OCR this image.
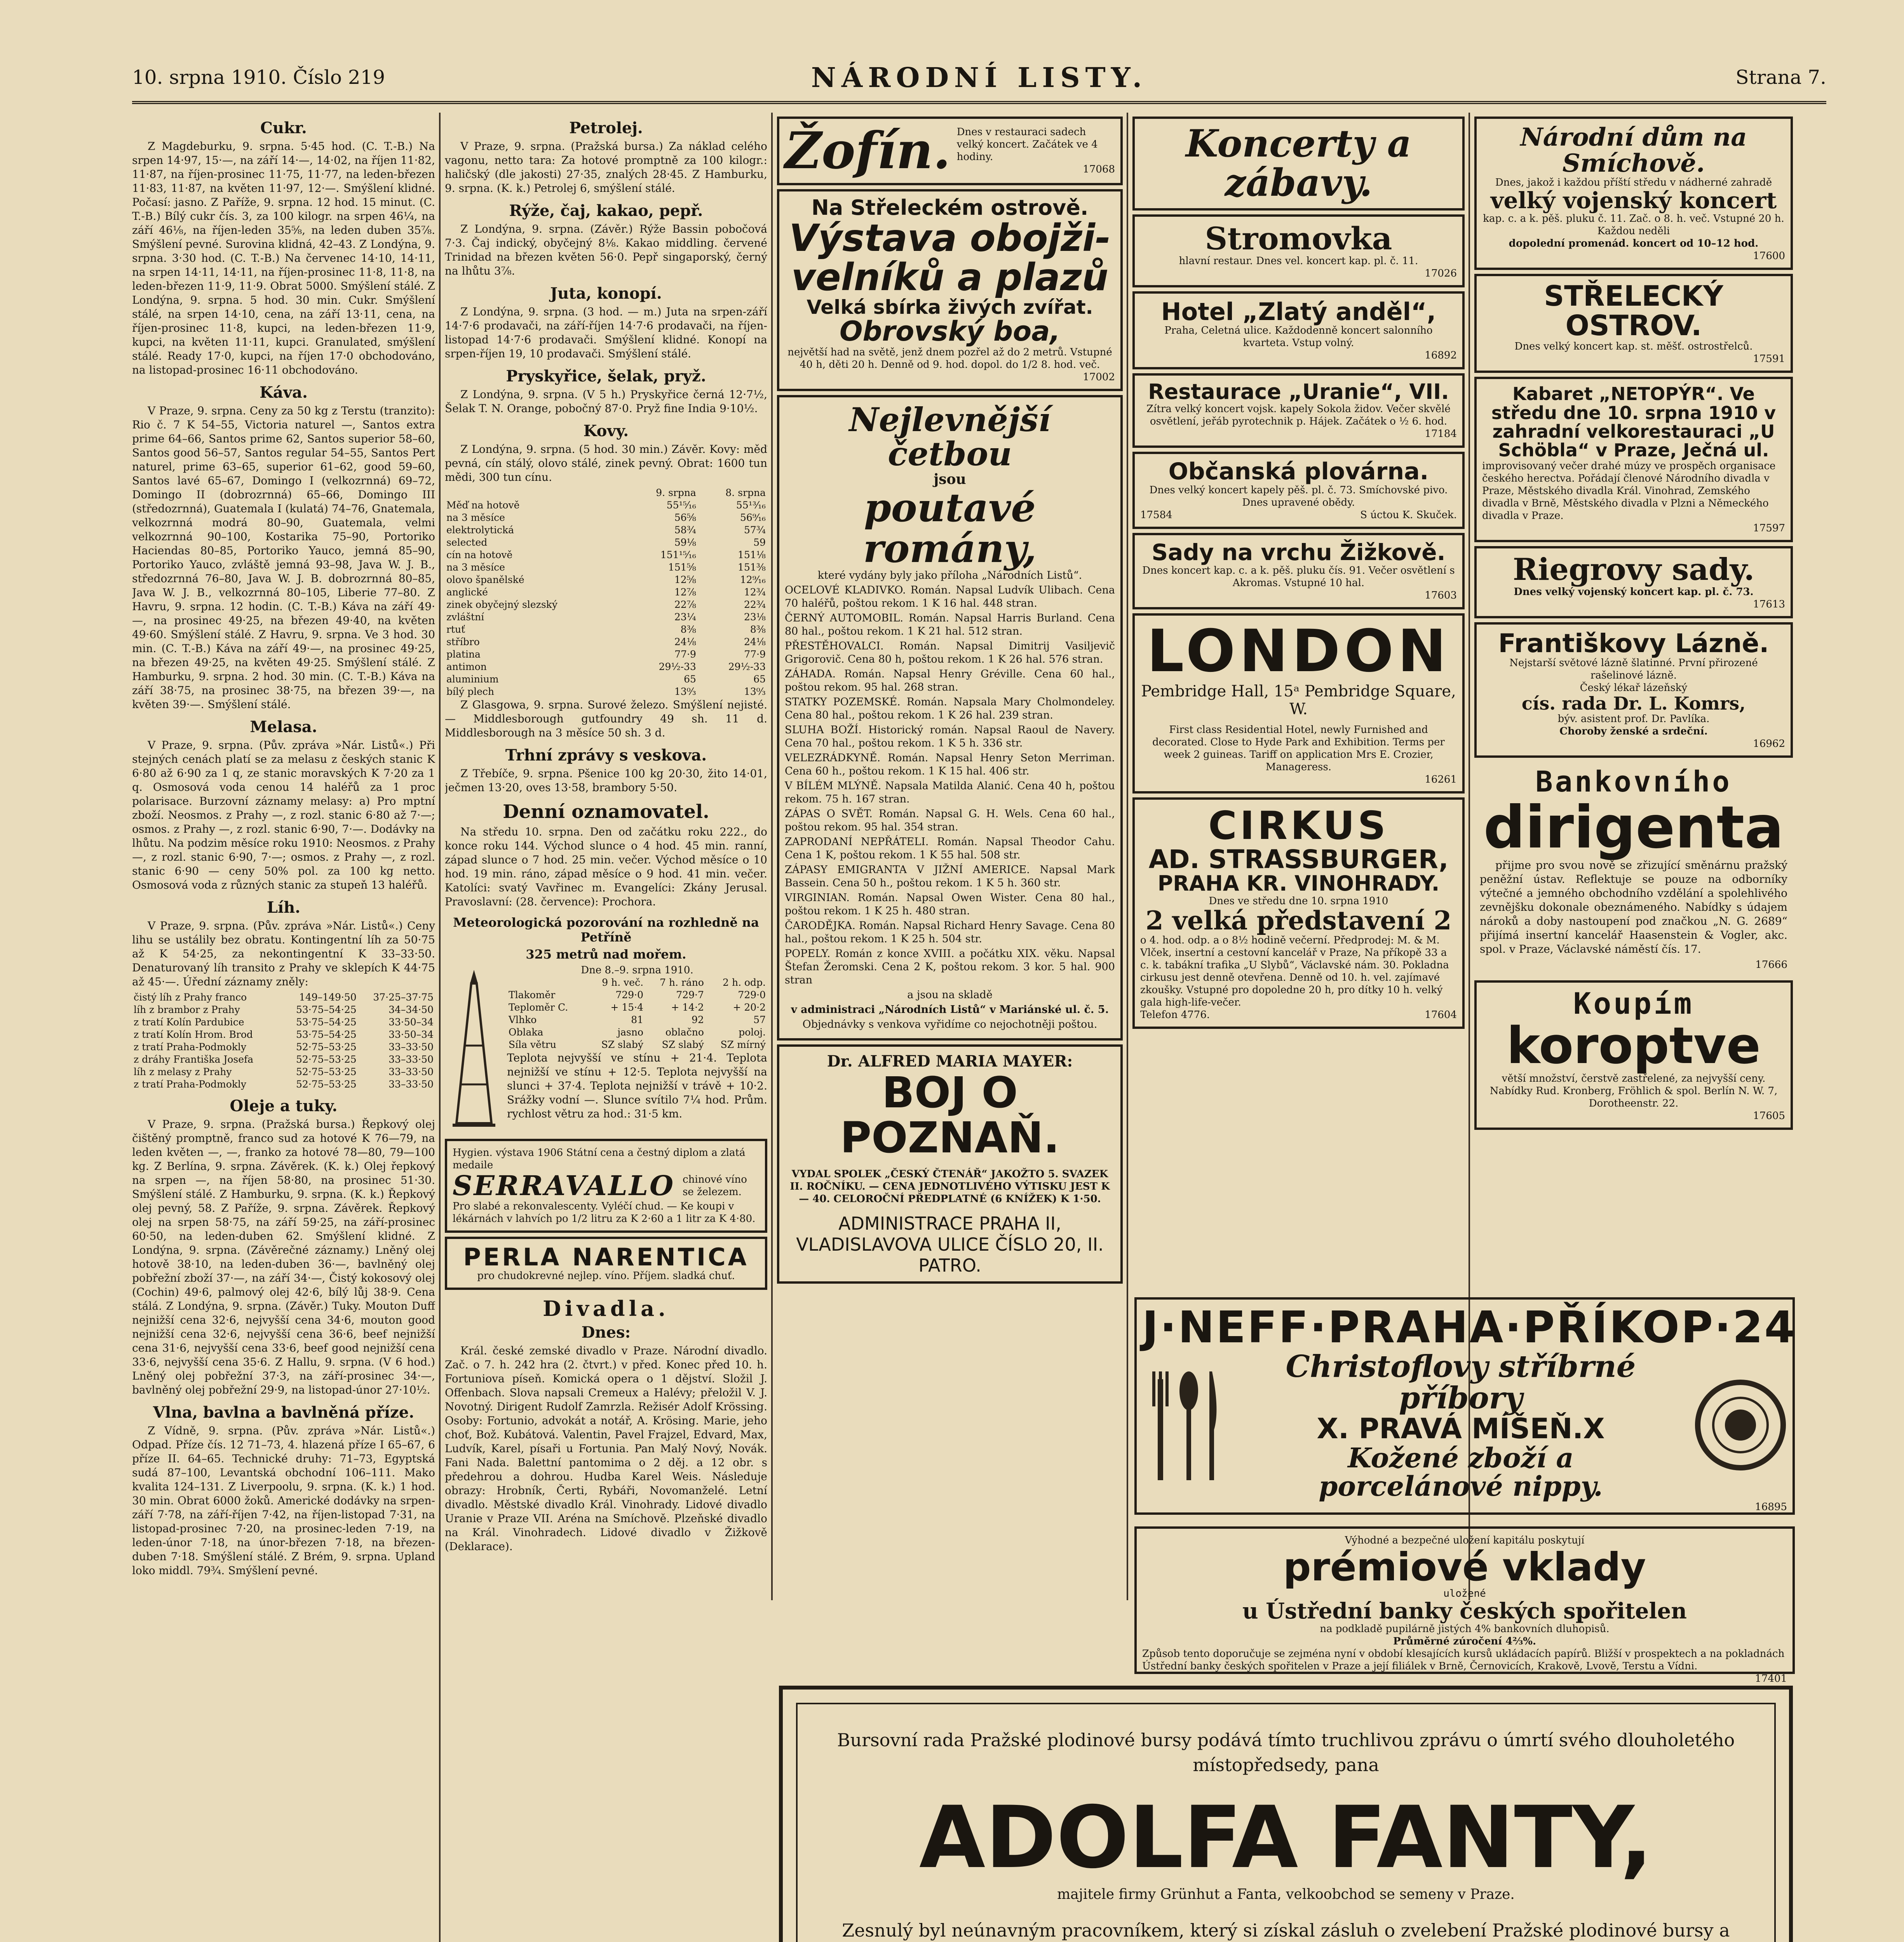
10. srpna 1910. Číslo 219	NÁRODNÍ LISTY.	Strana 7.
Cukr.

Z Magdeburku, 9. srpna. 5·45 hod. (C. T.-B.) Na srpen 14·97, 15·—, na září 14·—, 14·02, na říjen 11·82, 11·87, na říjen-prosinec 11·75, 11·77, na leden-březen 11·83, 11·87, na květen 11·97, 12·—. Smýšlení klidné. Počasí: jasno. Z Paříže, 9. srpna. 12 hod. 15 minut. (C. T.-B.) Bílý cukr čís. 3, za 100 kilogr. na srpen 46¼, na září 46⅛, na říjen-leden 35⅝, na leden duben 35⅞. Smýšlení pevné. Surovina klidná, 42–43. Z Londýna, 9. srpna. 3·30 hod. (C. T.-B.) Na červenec 14·10, 14·11, na srpen 14·11, 14·11, na říjen-prosinec 11·8, 11·8, na leden-březen 11·9, 11·9. Obrat 5000. Smýšlení stálé. Z Londýna, 9. srpna. 5 hod. 30 min. Cukr. Smýšlení stálé, na srpen 14·10, cena, na září 13·11, cena, na říjen-prosinec 11·8, kupci, na leden-březen 11·9, kupci, na květen 11·11, kupci. Granulated, smýšlení stálé. Ready 17·0, kupci, na říjen 17·0 obchodováno, na listopad-prosinec 16·11 obchodováno.

Káva.

V Praze, 9. srpna. Ceny za 50 kg z Terstu (tranzito): Rio č. 7 K 54–55, Victoria naturel —, Santos extra prime 64–66, Santos prime 62, Santos superior 58–60, Santos good 56–57, Santos regular 54–55, Santos Pert naturel, prime 63–65, superior 61–62, good 59–60, Santos lavé 65–67, Domingo I (velkozrnná) 69–72, Domingo II (dobrozrnná) 65–66, Domingo III (středozrnná), Guatemala I (kulatá) 74–76, Gnatemala, velkozrnná modrá 80–90, Guatemala, velmi velkozrnná 90–100, Kostarika 75–90, Portoriko Haciendas 80–85, Portoriko Yauco, jemná 85–90, Portoriko Yauco, zvláště jemná 93–98, Java W. J. B., středozrnná 76–80, Java W. J. B. dobrozrnná 80–85, Java W. J. B., velkozrnná 80–105, Liberie 77–80. Z Havru, 9. srpna. 12 hodin. (C. T.-B.) Káva na září 49·—, na prosinec 49·25, na březen 49·40, na květen 49·60. Smýšlení stálé. Z Havru, 9. srpna. Ve 3 hod. 30 min. (C. T.-B.) Káva na září 49·—, na prosinec 49·25, na březen 49·25, na květen 49·25. Smýšlení stálé. Z Hamburku, 9. srpna. 2 hod. 30 min. (C. T.-B.) Káva na září 38·75, na prosinec 38·75, na březen 39·—, na květen 39·—. Smýšlení stálé.

Melasa.

V Praze, 9. srpna. (Pův. zpráva »Nár. Listů«.) Při stejných cenách platí se za melasu z českých stanic K 6·80 až 6·90 za 1 q, ze stanic moravských K 7·20 za 1 q. Osmosová voda cenou 14 haléřů za 1 proc polarisace. Burzovní záznamy melasy: a) Pro mptní zboží. Neosmos. z Prahy —, z rozl. stanic 6·80 až 7·—; osmos. z Prahy —, z rozl. stanic 6·90, 7·—. Dodávky na lhůtu. Na podzim měsíce roku 1910: Neosmos. z Prahy —, z rozl. stanic 6·90, 7·—; osmos. z Prahy —, z rozl. stanic 6·90 — ceny 50% pol. za 100 kg netto. Osmosová voda z různých stanic za stupeň 13 haléřů.

Líh.

V Praze, 9. srpna. (Pův. zpráva »Nár. Listů«.) Ceny lihu se ustálily bez obratu. Kontingentní líh za 50·75 až K 54·25, za nekontingentní K 33–33·50. Denaturovaný líh transito z Prahy ve sklepích K 44·75 až 45·—. Úřední záznamy zněly:

čistý líh z Prahy franco	149–149·50	37·25–37·75
líh z brambor z Prahy	53·75–54·25	34–34·50
z tratí Kolín Pardubice	53·75–54·25	33·50–34
z tratí Kolín Hrom. Brod	53·75–54·25	33·50–34
z tratí Praha-Podmokly	52·75–53·25	33–33·50
z dráhy Františka Josefa	52·75–53·25	33–33·50
líh z melasy z Prahy	52·75–53·25	33–33·50
z tratí Praha-Podmokly	52·75–53·25	33–33·50
Oleje a tuky.

V Praze, 9. srpna. (Pražská bursa.) Řepkový olej čištěný promptně, franco sud za hotové K 76—79, na leden květen —, —, franko za hotové 78—80, 79—100 kg. Z Berlína, 9. srpna. Závěrek. (K. k.) Olej řepkový na srpen —, na říjen 58·80, na prosinec 51·30. Smýšlení stálé. Z Hamburku, 9. srpna. (K. k.) Řepkový olej pevný, 58. Z Paříže, 9. srpna. Závěrek. Řepkový olej na srpen 58·75, na září 59·25, na září-prosinec 60·50, na leden-duben 62. Smýšlení klidné. Z Londýna, 9. srpna. (Závěrečné záznamy.) Lněný olej hotově 38·10, na leden-duben 36·—, bavlněný olej pobřežní zboží 37·—, na září 34·—, Čistý kokosový olej (Cochin) 49·6, palmový olej 42·6, bílý lůj 38·9. Cena stálá. Z Londýna, 9. srpna. (Závěr.) Tuky. Mouton Duff nejnižší cena 32·6, nejvyšší cena 34·6, mouton good nejnižší cena 32·6, nejvyšší cena 36·6, beef nejnižší cena 31·6, nejvyšší cena 33·6, beef good nejnižší cena 33·6, nejvyšší cena 35·6. Z Hallu, 9. srpna. (V 6 hod.) Lněný olej pobřežní 37·3, na září-prosinec 34·—, bavlněný olej pobřežní 29·9, na listopad-únor 27·10½.

Vlna, bavlna a bavlněná příze.

Z Vídně, 9. srpna. (Pův. zpráva »Nár. Listů«.) Odpad. Příze čís. 12 71–73, 4. hlazená příze I 65–67, 6 příze II. 64–65. Technické druhy: 71–73, Egyptská sudá 87–100, Levantská obchodní 106–111. Mako kvalita 124–131. Z Liverpoolu, 9. srpna. (K. k.) 1 hod. 30 min. Obrat 6000 žoků. Americké dodávky na srpen-září 7·78, na září-říjen 7·42, na říjen-listopad 7·31, na listopad-prosinec 7·20, na prosinec-leden 7·19, na leden-únor 7·18, na únor-březen 7·18, na březen-duben 7·18. Smýšlení stálé. Z Brém, 9. srpna. Upland loko middl. 79¾. Smýšlení pevné.

Petrolej.

V Praze, 9. srpna. (Pražská bursa.) Za náklad celého vagonu, netto tara: Za hotové promptně za 100 kilogr.: haličský (dle jakosti) 27·35, znalých 28·45. Z Hamburku, 9. srpna. (K. k.) Petrolej 6, smýšlení stálé.

Rýže, čaj, kakao, pepř.

Z Londýna, 9. srpna. (Závěr.) Rýže Bassin pobočová 7·3. Čaj indický, obyčejný 8⅛. Kakao middling. červené Trinidad na březen květen 56·0. Pepř singaporský, černý na lhůtu 3⅞.

Juta, konopí.

Z Londýna, 9. srpna. (3 hod. — m.) Juta na srpen-září 14·7·6 prodavači, na září-říjen 14·7·6 prodavači, na říjen-listopad 14·7·6 prodavači. Smýšlení klidné. Konopí na srpen-říjen 19, 10 prodavači. Smýšlení stálé.

Pryskyřice, šelak, pryž.

Z Londýna, 9. srpna. (V 5 h.) Pryskyřice černá 12·7½, Šelak T. N. Orange, pobočný 87·0. Pryž fine India 9·10½.

Kovy.

Z Londýna, 9. srpna. (5 hod. 30 min.) Závěr. Kovy: měď pevná, cín stálý, olovo stálé, zinek pevný. Obrat: 1600 tun mědi, 300 tun cínu.

	9. srpna	8. srpna
Měď na hotově	55¹⁵⁄₁₆	55¹³⁄₁₆
na 3 měsíce	56⅝	56⁹⁄₁₆
elektrolytická	58¾	57¾
selected	59⅛	59
cín na hotově	151¹⁵⁄₁₆	151⅛
na 3 měsíce	151⅝	151⅜
olovo španělské	12⅝	12⁹⁄₁₆
anglické	12⅞	12¾
zinek obyčejný slezský	22⅞	22¾
zvláštní	23¼	23⅛
rtuť	8⅜	8⅜
stříbro	24⅛	24⅛
platina	77·9	77·9
antimon	29½-33	29½-33
aluminium	65	65
bílý plech	13⁰⁄₃	13⁰⁄₃

Z Glasgowa, 9. srpna. Surové železo. Smýšlení nejisté. — Middlesborough gutfoundry 49 sh. 11 d. Middlesborough na 3 měsíce 50 sh. 3 d.

Trhní zprávy s veskova.

Z Třebíče, 9. srpna. Pšenice 100 kg 20·30, žito 14·01, ječmen 13·20, oves 13·58, brambory 5·50.

Denní oznamovatel.

Na středu 10. srpna. Den od začátku roku 222., do konce roku 144. Východ slunce o 4 hod. 45 min. ranní, západ slunce o 7 hod. 25 min. večer. Východ měsíce o 10 hod. 19 min. ráno, západ měsíce o 9 hod. 41 min. večer. Katolíci: svatý Vavřinec m. Evangelíci: Zkány Jerusal. Pravoslavní: (28. července): Prochora.

Meteorologická pozorování na rozhledně na Petříně
325 metrů nad mořem.
Dne 8.–9. srpna 1910.
	9 h. več.	7 h. ráno	2 h. odp.
Tlakoměr	729·0	729·7	729·0
Teploměr C.	+ 15·4	+ 14·2	+ 20·2
Vlhko	81	92	57
Oblaka	jasno	oblačno	poloj.
Síla větru	SZ slabý	SZ slabý	SZ mírný

Teplota nejvyšší ve stínu + 21·4. Teplota nejnižší ve stínu + 12·5. Teplota nejvyšší na slunci + 37·4. Teplota nejnižší v trávě + 10·2. Srážky vodní —. Slunce svítilo 7¼ hod. Prům. rychlost větru za hod.: 31·5 km.

Hygien. výstava 1906 Státní cena a čestný diplom a zlatá medaile
SERRAVALLO chinové víno se železem.
Pro slabé a rekonvalescenty. Vyléčí chud. — Ke koupi v lékárnách v lahvích po 1/2 litru za K 2·60 a 1 litr za K 4·80.
PERLA NARENTICA
pro chudokrevné nejlep. víno. Příjem. sladká chuť.
Divadla.
Dnes:

Král. české zemské divadlo v Praze. Národní divadlo. Zač. o 7. h. 242 hra (2. čtvrt.) v před. Konec před 10. h. Fortuniova píseň. Komická opera o 1 dějství. Složil J. Offenbach. Slova napsali Cremeux a Halévy; přeložil V. J. Novotný. Dirigent Rudolf Zamrzla. Režisér Adolf Krössing. Osoby: Fortunio, advokát a notář, A. Krösing. Marie, jeho choť, Bož. Kubátová. Valentin, Pavel Frajzel, Edvard, Max, Ludvík, Karel, písaři u Fortunia. Pan Malý Nový, Novák. Fani Nada. Balettní pantomima o 2 děj. a 12 obr. s předehrou a dohrou. Hudba Karel Weis. Následuje obrazy: Hrobník, Čerti, Rybáři, Novomanželé. Letní divadlo. Městské divadlo Král. Vinohrady. Lidové divadlo Uranie v Praze VII. Aréna na Smíchově. Plzeňské divadlo na Král. Vinohradech. Lidové divadlo v Žižkově (Deklarace).

Žofín. Dnes v restauraci sadech velký koncert. Začátek ve 4 hodiny.
17068
Na Střeleckém ostrově.
Výstava obojži-
velníků a plazů
Velká sbírka živých zvířat.
Obrovský boa,
největší had na světě, jenž dnem pozřel až do 2 metrů. Vstupné 40 h, děti 20 h. Denně od 9. hod. dopol. do 1/2 8. hod. več.
17002
Nejlevnější četbou
jsou
poutavé romány,

které vydány byly jako příloha „Národních Listů“.

OCELOVÉ KLADIVKO. Román. Napsal Ludvík Ulibach. Cena 70 haléřů, poštou rekom. 1 K 16 hal. 448 stran.

ČERNÝ AUTOMOBIL. Román. Napsal Harris Burland. Cena 80 hal., poštou rekom. 1 K 21 hal. 512 stran.

PŘESTĚHOVALCI. Román. Napsal Dimitrij Vasiljevič Grigorovič. Cena 80 h, poštou rekom. 1 K 26 hal. 576 stran.

ZÁHADA. Román. Napsal Henry Gréville. Cena 60 hal., poštou rekom. 95 hal. 268 stran.

STATKY POZEMSKÉ. Román. Napsala Mary Cholmondeley. Cena 80 hal., poštou rekom. 1 K 26 hal. 239 stran.

SLUHA BOŽÍ. Historický román. Napsal Raoul de Navery. Cena 70 hal., poštou rekom. 1 K 5 h. 336 str.

VELEZRÁDKYNĚ. Román. Napsal Henry Seton Merriman. Cena 60 h., poštou rekom. 1 K 15 hal. 406 str.

V BÍLÉM MLÝNĚ. Napsala Matilda Alanić. Cena 40 h, poštou rekom. 75 h. 167 stran.

ZÁPAS O SVĚT. Román. Napsal G. H. Wels. Cena 60 hal., poštou rekom. 95 hal. 354 stran.

ZAPRODANÍ NEPŘÁTELI. Román. Napsal Theodor Cahu. Cena 1 K, poštou rekom. 1 K 55 hal. 508 str.

ZÁPASY EMIGRANTA V JIŽNÍ AMERICE. Napsal Mark Bassein. Cena 50 h., poštou rekom. 1 K 5 h. 360 str.

VIRGINIAN. Román. Napsal Owen Wister. Cena 80 hal., poštou rekom. 1 K 25 h. 480 stran.

ČARODĚJKA. Román. Napsal Richard Henry Savage. Cena 80 hal., poštou rekom. 1 K 25 h. 504 str.

POPELY. Román z konce XVIII. a počátku XIX. věku. Napsal Štefan Žeromski. Cena 2 K, poštou rekom. 3 kor. 5 hal. 900 stran

a jsou na skladě

v administraci „Národních Listů“ v Mariánské ul. č. 5.

Objednávky s venkova vyřidíme co nejochotněji poštou.

Dr. ALFRED MARIA MAYER:
BOJ O POZNAŇ.
VYDAL SPOLEK „ČESKÝ ČTENÁŘ“ JAKOŽTO 5. SVAZEK II. ROČNÍKU. — CENA JEDNOTLIVÉHO VÝTISKU JEST K — 40. CELOROČNÍ PŘEDPLATNÉ (6 KNÍŽEK) K 1·50.
ADMINISTRACE PRAHA II, VLADISLAVOVA ULICE ČÍSLO 20, II. PATRO.
Koncerty a zábavy.
Stromovka
hlavní restaur. Dnes vel. koncert kap. pl. č. 11.
17026
Hotel „Zlatý anděl“,
Praha, Celetná ulice. Každodenně koncert salonního kvarteta. Vstup volný.
16892
Restaurace „Uranie“, VII.
Zítra velký koncert vojsk. kapely Sokola židov. Večer skvělé osvětlení, jeřáb pyrotechnik p. Hájek. Začátek o ½ 6. hod.
17184
Občanská plovárna.
Dnes velký koncert kapely pěš. pl. č. 73. Smíchovské pivo. Dnes upravené obědy.
17584	S úctou K. Skuček.
Sady na vrchu Žižkově.
Dnes koncert kap. c. a k. pěš. pluku čís. 91. Večer osvětlení s Akromas. Vstupné 10 hal.
17603
LONDON
Pembridge Hall, 15ᵃ Pembridge Square, W.
First class Residential Hotel, newly Furnished and decorated. Close to Hyde Park and Exhibition. Terms per week 2 guineas. Tariff on application Mrs E. Crozier, Manageress.
16261
CIRKUS
AD. STRASSBURGER,
PRAHA KR. VINOHRADY.
Dnes ve středu dne 10. srpna 1910
2 velká představení 2
o 4. hod. odp. a o 8½ hodině večerní. Předprodej: M. & M. Vlček, insertní a cestovní kancelář v Praze, Na příkopě 33 a c. k. tabákní trafika „U Slybů“, Václavské nám. 30. Pokladna cirkusu jest denně otevřena. Denně od 10. h. vel. zajímavé zkoušky. Vstupné pro dopoledne 20 h, pro dítky 10 h. velký gala high-life-večer.
Telefon 4776.	17604
Národní dům na Smíchově.
Dnes, jakož i každou příští středu v nádherné zahradě
velký vojenský koncert
kap. c. a k. pěš. pluku č. 11. Zač. o 8. h. več. Vstupné 20 h.
Každou neděli
dopolední promenád. koncert od 10–12 hod.
17600
STŘELECKÝ OSTROV.
Dnes velký koncert kap. st. měšť. ostrostřelců.
17591
Kabaret „NETOPÝR“. Ve středu dne 10. srpna 1910 v zahradní velkorestauraci „U Schöbla“ v Praze, Ječná ul.
improvisovaný večer drahé múzy ve prospěch organisace českého herectva. Pořádají členové Národního divadla v Praze, Městského divadla Král. Vinohrad, Zemského divadla v Brně, Městského divadla v Plzni a Německého divadla v Praze.
17597
Riegrovy sady.
Dnes velký vojenský koncert kap. pl. č. 73.
17613
Františkovy Lázně.
Nejstarší světové lázně šlatinné. První přirozené rašelinové lázně.
Český lékař lázeňský
cís. rada Dr. L. Komrs,
býv. asistent prof. Dr. Pavlíka.
Choroby ženské a srdeční.
16962
Bankovního
dirigenta

přijme pro svou nově se zřizující směnárnu pražský peněžní ústav. Reflektuje se pouze na odborníky výtečné a jemného obchodního vzdělání a spolehlivého zevnějšku dokonale obeznámeného. Nabídky s údajem nároků a doby nastoupení pod značkou „N. G. 2689“ přijímá insertní kancelář Haasenstein & Vogler, akc. spol. v Praze, Václavské náměstí čís. 17.

17666
Koupím
koroptve
větší množství, čerstvě zastřelené, za nejvyšší ceny. Nabídky Rud. Kronberg, Fröhlich & spol. Berlín N. W. 7, Dorotheenstr. 22.
17605
J·NEFF·PRAHA·PŘÍKOP·24
Christoflovy stříbrné příbory
X. PRAVÁ MÍŠEŇ.X
Kožené zboží a
porcelánové nippy.
16895
Výhodné a bezpečné uložení kapitálu poskytují
prémiové vklady
uložené
u Ústřední banky českých spořitelen
na podkladě pupilárně jistých 4% bankovních dluhopisů.
Průměrné zúročení 4⅔%.
Způsob tento doporučuje se zejména nyní v období klesajících kursů ukládacích papírů. Bližší v prospektech a na pokladnách Ústřední banky českých spořitelen v Praze a její filiálek v Brně, Černovicích, Krakově, Lvově, Terstu a Vídni.
17401

Bursovní rada Pražské plodinové bursy podává tímto truchlivou zprávu o úmrtí svého dlouholetého místopředsedy, pana

ADOLFA FANTY,
majitele firmy Grünhut a Fanta, velkoobchod se semeny v Praze.

Zesnulý byl neúnavným pracovníkem, který si získal zásluh o zvelebení Pražské plodinové bursy a
